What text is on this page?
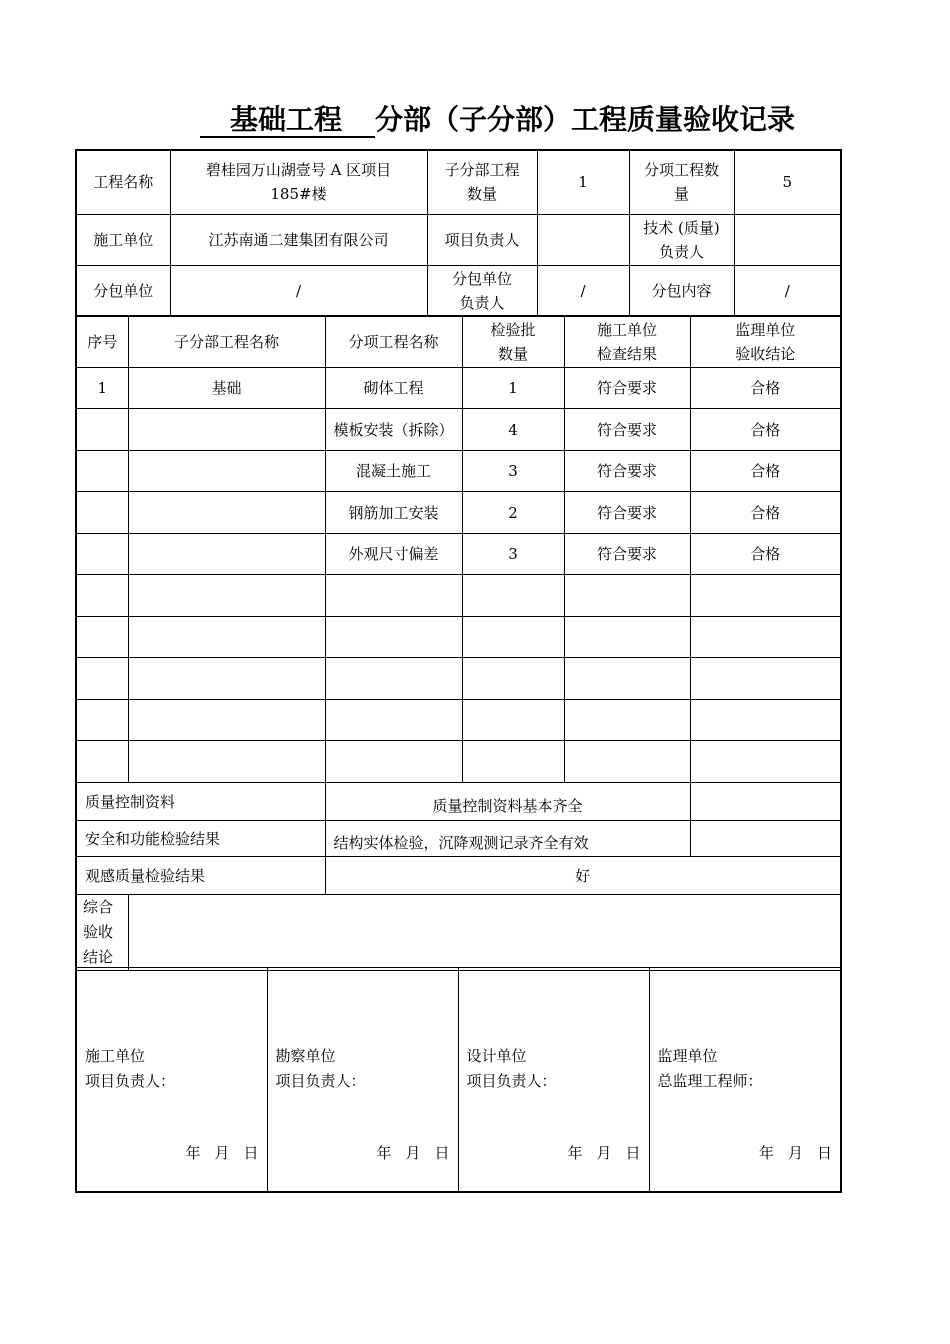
基础工程 分部（子分部）工程质量验收记录
工程名称	碧桂园万山湖壹号 A 区项目 185#楼	子分部工程数量	1	分项工程数量	5
施工单位	江苏南通二建集团有限公司	项目负责人		技术 (质量) 负责人	
分包单位	/	分包单位负责人	/	分包内容	/
序号	子分部工程名称	分项工程名称	检验批数量	施工单位检查结果	监理单位验收结论
1	基础	砌体工程	1	符合要求	合格
		模板安装（拆除）	4	符合要求	合格
		混凝土施工	3	符合要求	合格
		钢筋加工安装	2	符合要求	合格
		外观尺寸偏差	3	符合要求	合格

质量控制资料		质量控制资料基本齐全			
安全和功能检验结果		结构实体检验，沉降观测记录齐全有效			
观感质量检验结果		好			
综合验收结论					
施工单位
项目负责人：
年 月 日

勘察单位
项目负责人：
年 月 日

设计单位
项目负责人：
年 月 日

监理单位
总监理工程师：
年 月 日
